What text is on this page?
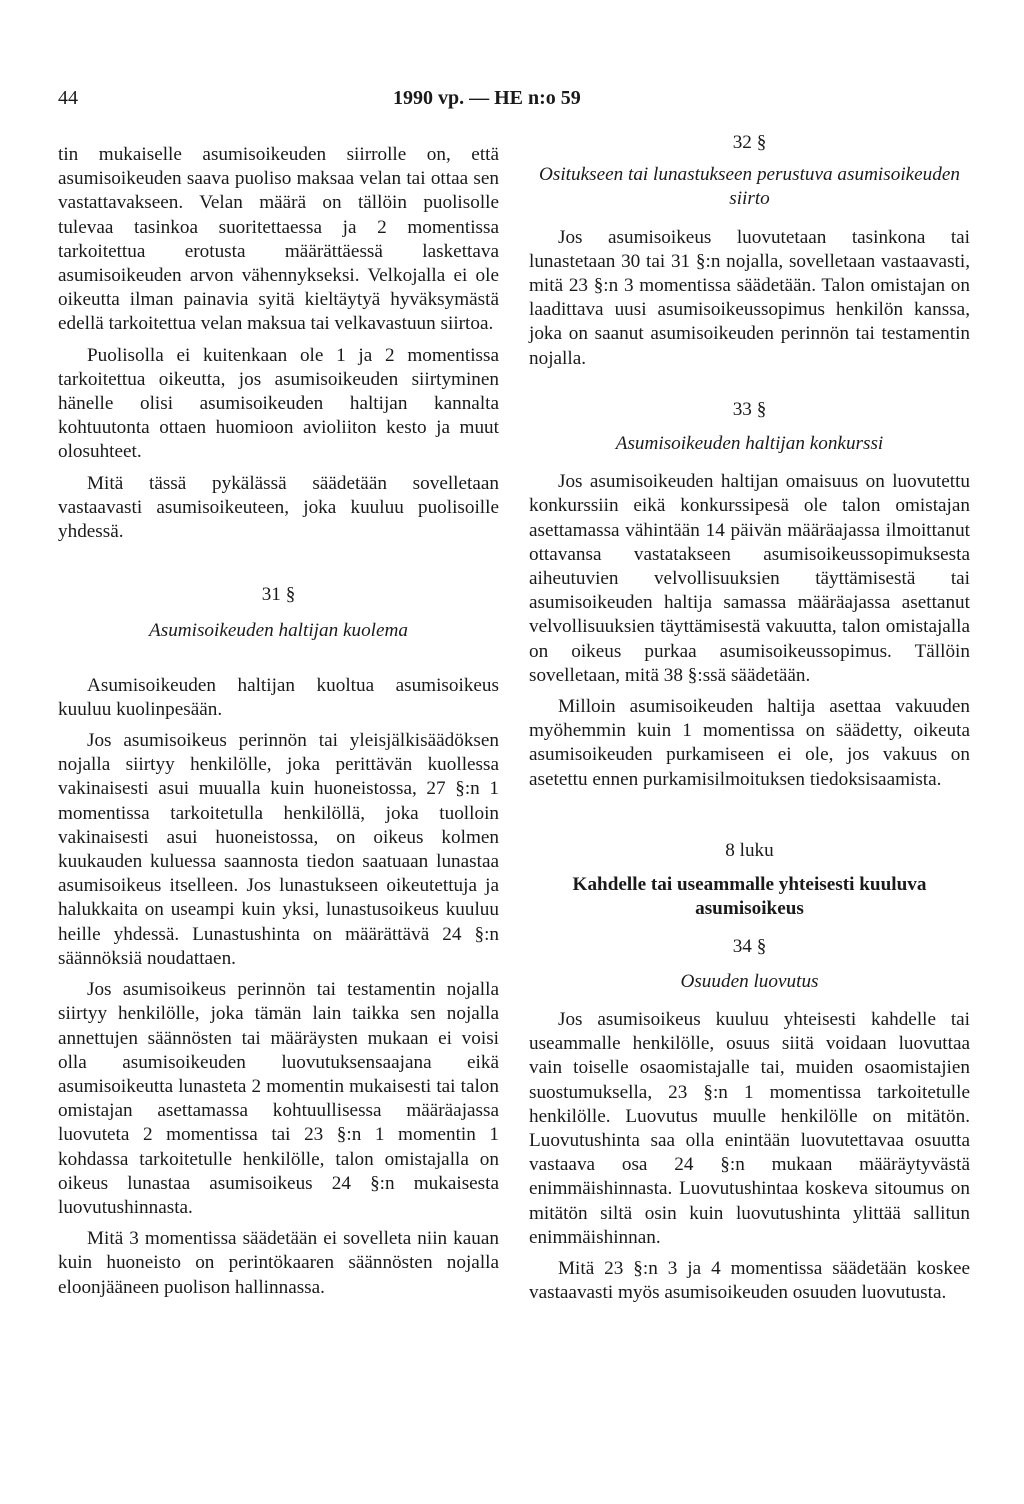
44	1990 vp. — HE n:o 59

tin mukaiselle asumisoikeuden siirrolle on, että asumisoikeuden saava puoliso maksaa velan tai ottaa sen vastattavakseen. Velan määrä on tällöin puolisolle tulevaa tasinkoa suoritettaessa ja 2 momentissa tarkoitettua erotusta määrättäessä laskettava asumisoikeuden arvon vähennykseksi. Velkojalla ei ole oikeutta ilman painavia syitä kieltäytyä hyväksymästä edellä tarkoitettua velan maksua tai velkavastuun siirtoa.

Puolisolla ei kuitenkaan ole 1 ja 2 momentissa tarkoitettua oikeutta, jos asumisoikeuden siirtyminen hänelle olisi asumisoikeuden haltijan kannalta kohtuutonta ottaen huomioon avioliiton kesto ja muut olosuhteet.

Mitä tässä pykälässä säädetään sovelletaan vastaavasti asumisoikeuteen, joka kuuluu puolisoille yhdessä.

31 §
Asumisoikeuden haltijan kuolema

Asumisoikeuden haltijan kuoltua asumisoikeus kuuluu kuolinpesään.

Jos asumisoikeus perinnön tai yleisjälkisäädöksen nojalla siirtyy henkilölle, joka perittävän kuollessa vakinaisesti asui muualla kuin huoneistossa, 27 §:n 1 momentissa tarkoitetulla henkilöllä, joka tuolloin vakinaisesti asui huoneistossa, on oikeus kolmen kuukauden kuluessa saannosta tiedon saatuaan lunastaa asumisoikeus itselleen. Jos lunastukseen oikeutettuja ja halukkaita on useampi kuin yksi, lunastusoikeus kuuluu heille yhdessä. Lunastushinta on määrättävä 24 §:n säännöksiä noudattaen.

Jos asumisoikeus perinnön tai testamentin nojalla siirtyy henkilölle, joka tämän lain taikka sen nojalla annettujen säännösten tai määräysten mukaan ei voisi olla asumisoikeuden luovutuksensaajana eikä asumisoikeutta lunasteta 2 momentin mukaisesti tai talon omistajan asettamassa kohtuullisessa määräajassa luovuteta 2 momentissa tai 23 §:n 1 momentin 1 kohdassa tarkoitetulle henkilölle, talon omistajalla on oikeus lunastaa asumisoikeus 24 §:n mukaisesta luovutushinnasta.

Mitä 3 momentissa säädetään ei sovelleta niin kauan kuin huoneisto on perintökaaren säännösten nojalla eloonjääneen puolison hallinnassa.

32 §
Ositukseen tai lunastukseen perustuva asumisoikeuden siirto

Jos asumisoikeus luovutetaan tasinkona tai lunastetaan 30 tai 31 §:n nojalla, sovelletaan vastaavasti, mitä 23 §:n 3 momentissa säädetään. Talon omistajan on laadittava uusi asumisoikeussopimus henkilön kanssa, joka on saanut asumisoikeuden perinnön tai testamentin nojalla.

33 §
Asumisoikeuden haltijan konkurssi

Jos asumisoikeuden haltijan omaisuus on luovutettu konkurssiin eikä konkurssipesä ole talon omistajan asettamassa vähintään 14 päivän määräajassa ilmoittanut ottavansa vastatakseen asumisoikeussopimuksesta aiheutuvien velvollisuuksien täyttämisestä tai asumisoikeuden haltija samassa määräajassa asettanut velvollisuuksien täyttämisestä vakuutta, talon omistajalla on oikeus purkaa asumisoikeussopimus. Tällöin sovelletaan, mitä 38 §:ssä säädetään.

Milloin asumisoikeuden haltija asettaa vakuuden myöhemmin kuin 1 momentissa on säädetty, oikeuta asumisoikeuden purkamiseen ei ole, jos vakuus on asetettu ennen purkamisilmoituksen tiedoksisaamista.

8 luku
Kahdelle tai useammalle yhteisesti kuuluva asumisoikeus
34 §
Osuuden luovutus

Jos asumisoikeus kuuluu yhteisesti kahdelle tai useammalle henkilölle, osuus siitä voidaan luovuttaa vain toiselle osaomistajalle tai, muiden osaomistajien suostumuksella, 23 §:n 1 momentissa tarkoitetulle henkilölle. Luovutus muulle henkilölle on mitätön. Luovutushinta saa olla enintään luovutettavaa osuutta vastaava osa 24 §:n mukaan määräytyvästä enimmäishinnasta. Luovutushintaa koskeva sitoumus on mitätön siltä osin kuin luovutushinta ylittää sallitun enimmäishinnan.

Mitä 23 §:n 3 ja 4 momentissa säädetään koskee vastaavasti myös asumisoikeuden osuuden luovutusta.
